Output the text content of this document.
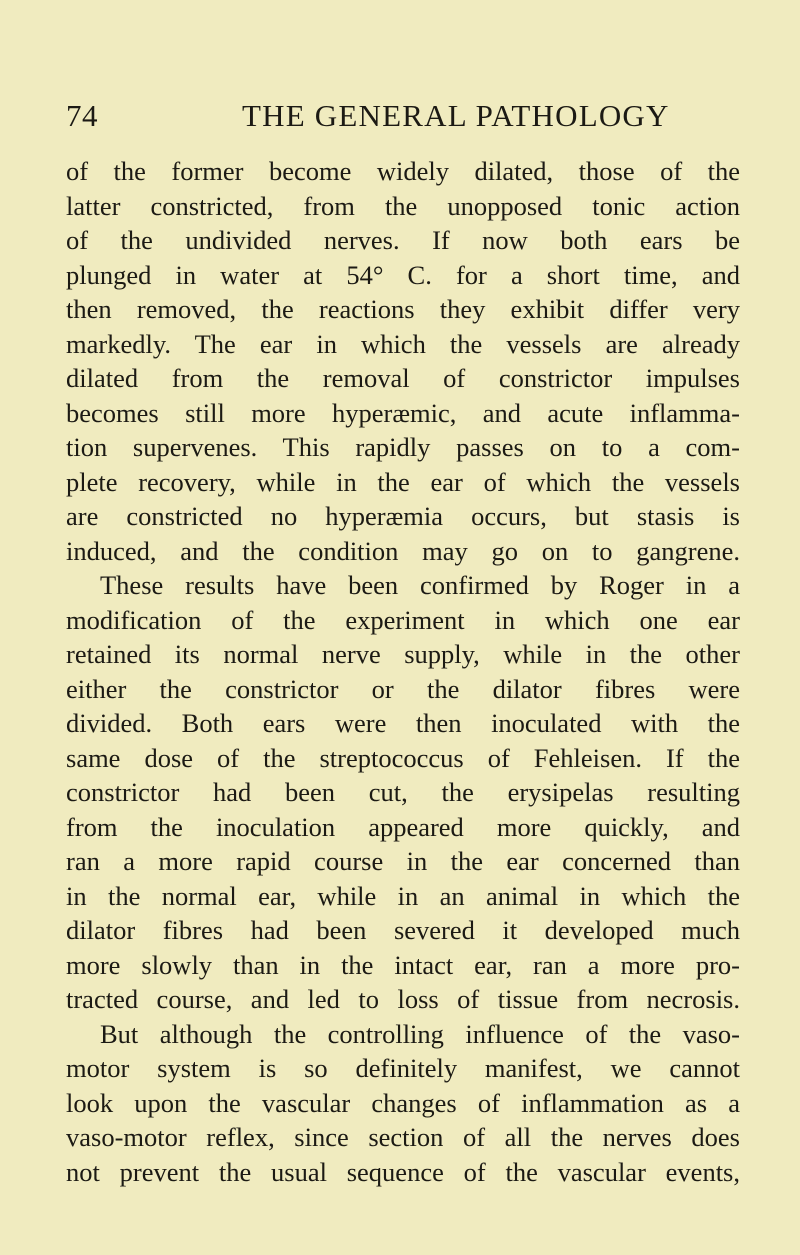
74	THE GENERAL PATHOLOGY
of the former become widely dilated, those of the
latter constricted, from the unopposed tonic action
of the undivided nerves. If now both ears be
plunged in water at 54° C. for a short time, and
then removed, the reactions they exhibit differ very
markedly. The ear in which the vessels are already
dilated from the removal of constrictor impulses
becomes still more hyperæmic, and acute inflamma-
tion supervenes. This rapidly passes on to a com-
plete recovery, while in the ear of which the vessels
are constricted no hyperæmia occurs, but stasis is
induced, and the condition may go on to gangrene.
These results have been confirmed by Roger in a
modification of the experiment in which one ear
retained its normal nerve supply, while in the other
either the constrictor or the dilator fibres were
divided. Both ears were then inoculated with the
same dose of the streptococcus of Fehleisen. If the
constrictor had been cut, the erysipelas resulting
from the inoculation appeared more quickly, and
ran a more rapid course in the ear concerned than
in the normal ear, while in an animal in which the
dilator fibres had been severed it developed much
more slowly than in the intact ear, ran a more pro-
tracted course, and led to loss of tissue from necrosis.
But although the controlling influence of the vaso-
motor system is so definitely manifest, we cannot
look upon the vascular changes of inflammation as a
vaso-motor reflex, since section of all the nerves does
not prevent the usual sequence of the vascular events,
